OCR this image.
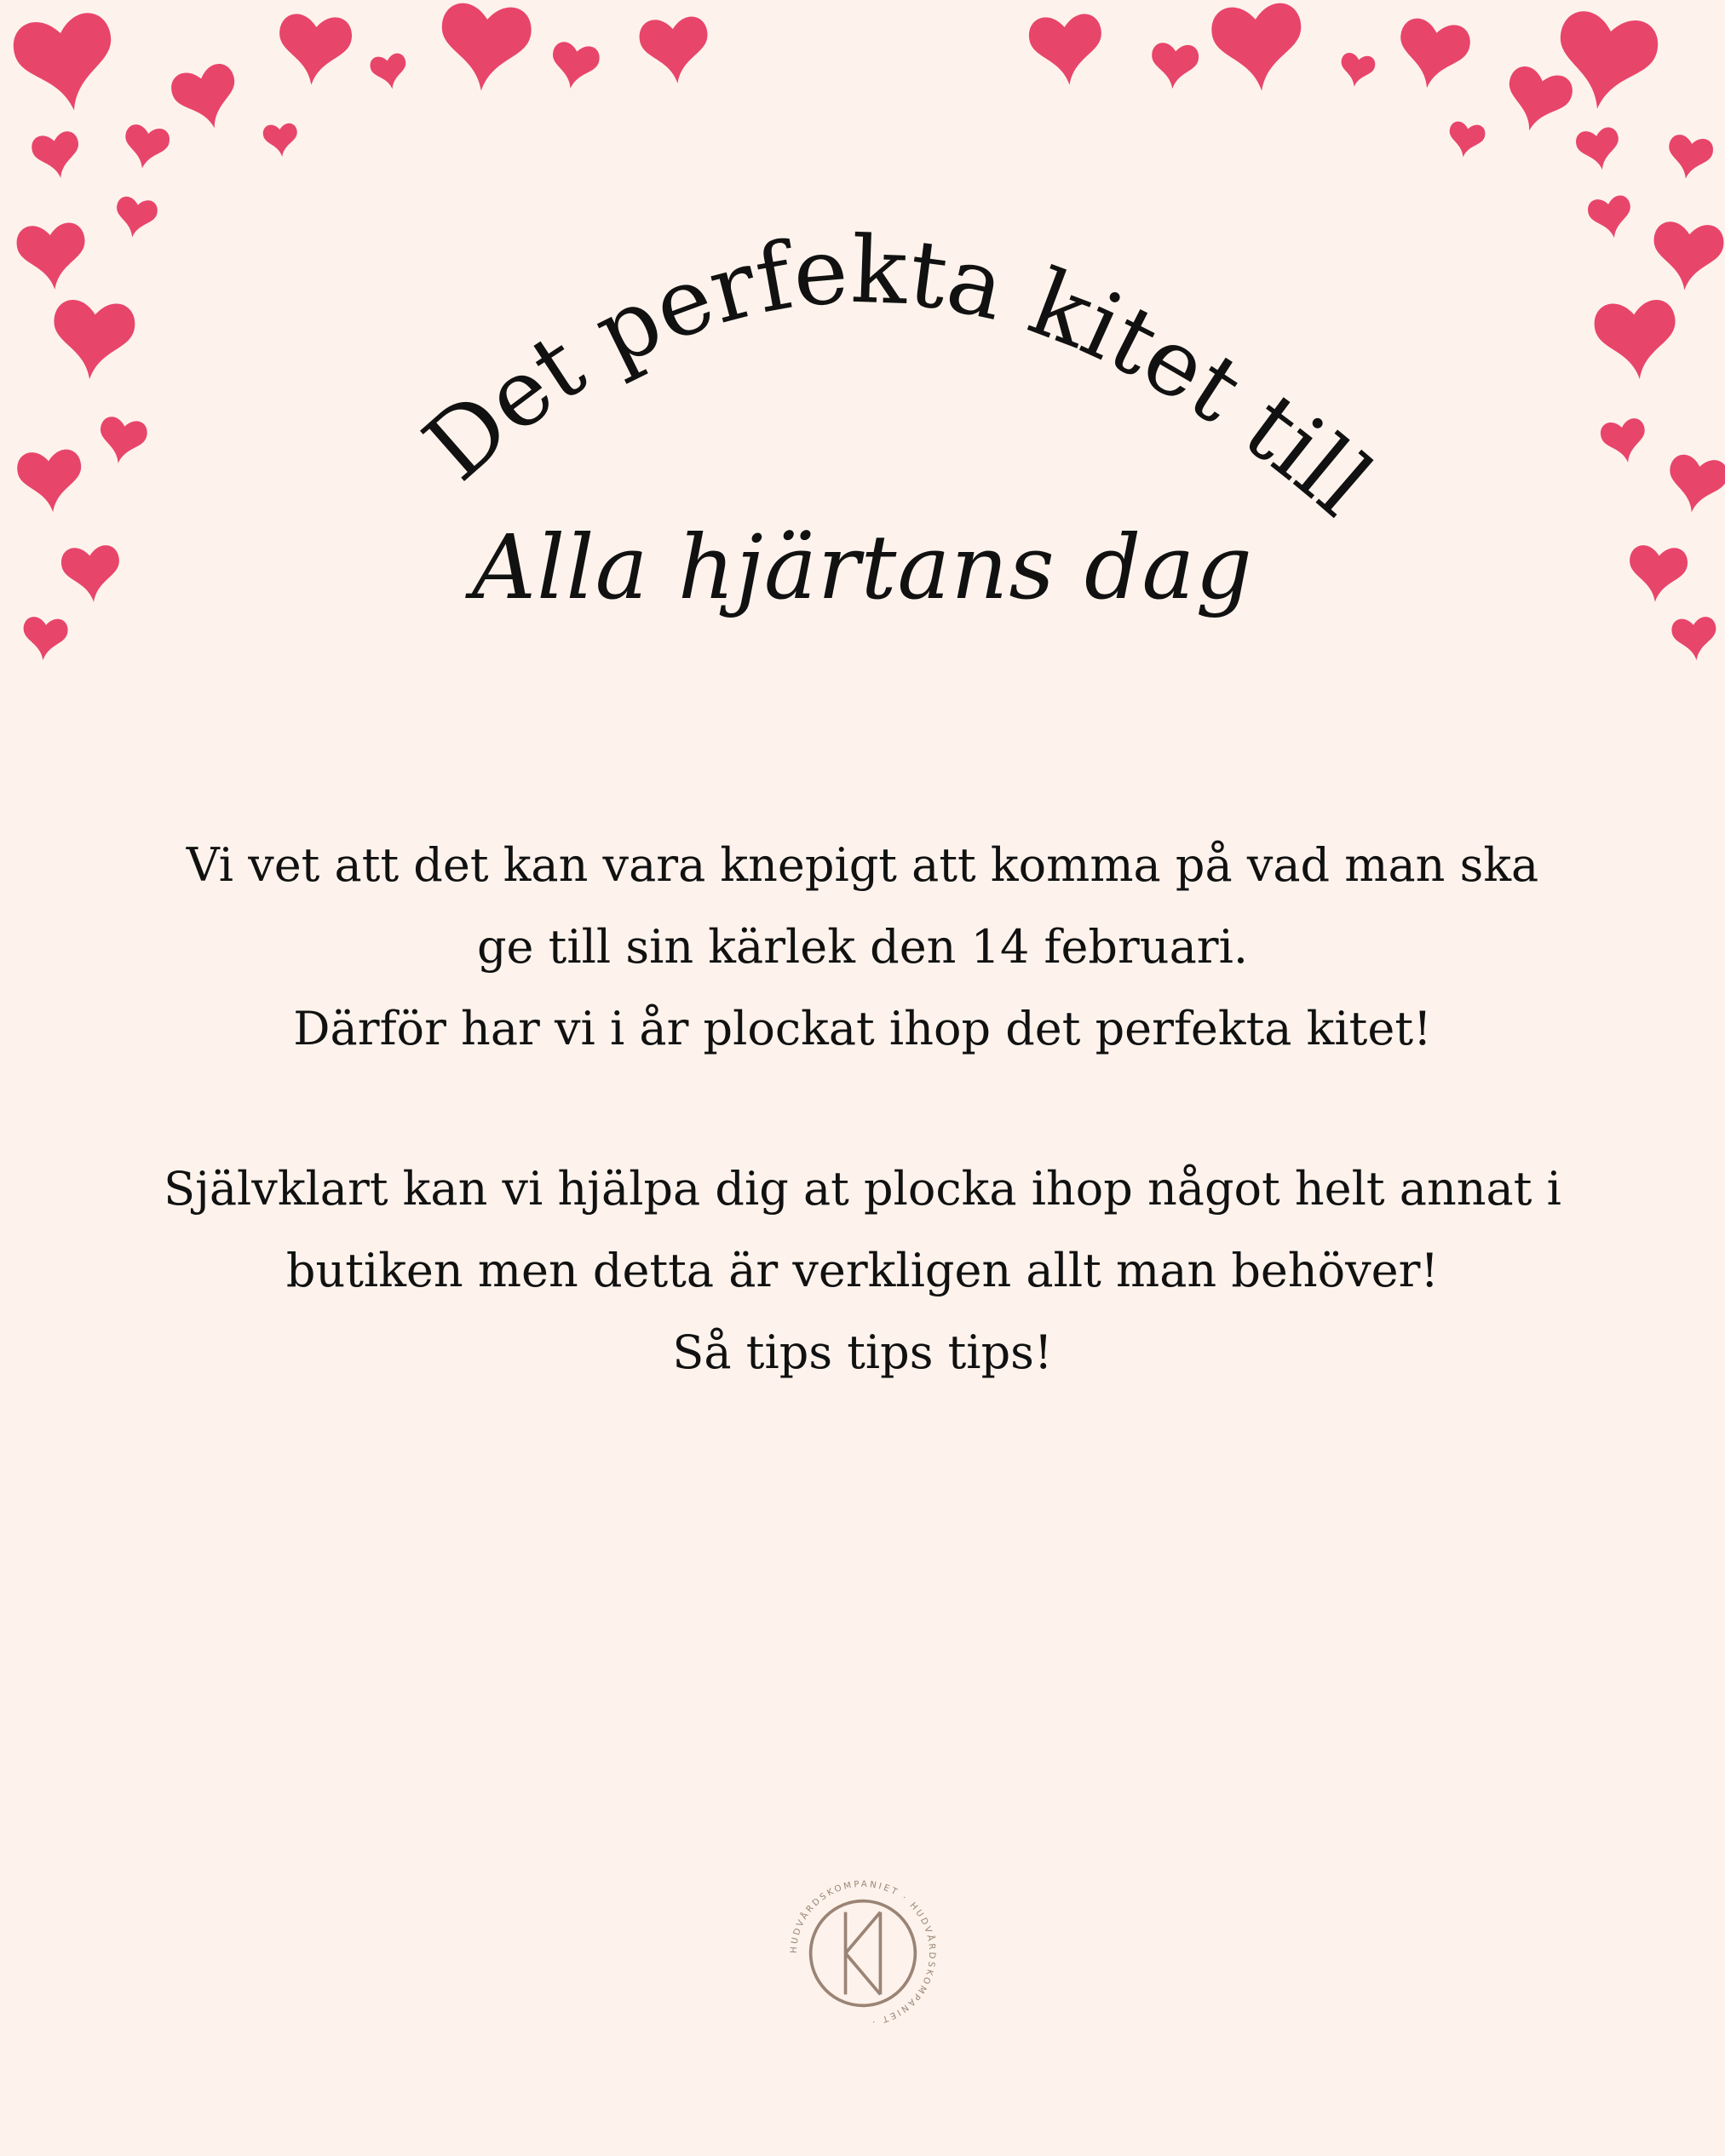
Det perfekta kitet till
Alla hjärtans dag
Vi vet att det kan vara knepigt att komma på vad man ska
ge till sin kärlek den 14 februari.
Därför har vi i år plockat ihop det perfekta kitet!
Självklart kan vi hjälpa dig at plocka ihop något helt annat i
butiken men detta är verkligen allt man behöver!
Så tips tips tips!
HUDVÅRDSKOMPANIET · HUDVÅRDSKOMPANIET ·
